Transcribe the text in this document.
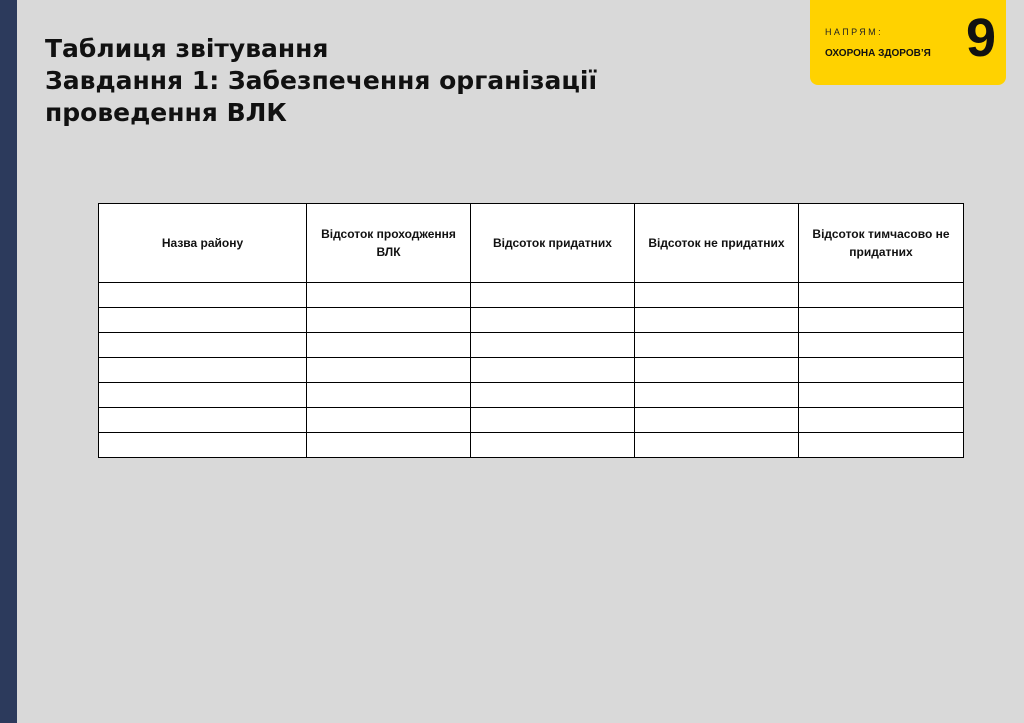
Таблиця звітування
Завдання 1: Забезпечення організації
проведення ВЛК
НАПРЯМ:
ОХОРОНА ЗДОРОВ’Я 9
Назва району	Відсоток проходження ВЛК	Відсоток придатних	Відсоток не придатних	Відсоток тимчасово не придатних
